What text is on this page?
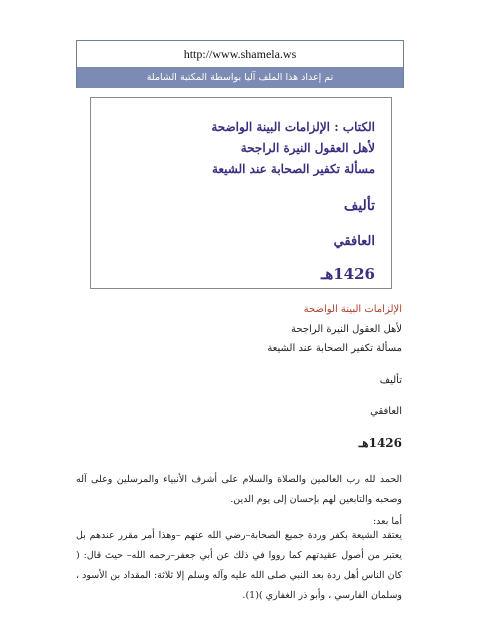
http://www.shamela.ws
تم إعداد هذا الملف آليا بواسطة المكتبة الشاملة

الكتاب : الإلزامات البينة الواضحة

لأهل العقول النيرة الراجحة

مسألة تكفير الصحابة عند الشيعة

تأليف

العافقي

1426هـ

الإلزامات البينة الواضحة

لأهل العقول النيرة الراجحة

مسألة تكفير الصحابة عند الشيعة

تأليف

العافقي

1426هـ

الحمد لله رب العالمين والصلاة والسلام على أشرف الأنبياء والمرسلين وعلى آله وصحبه والتابعين لهم بإحسان إلى يوم الدين.

أما بعد:

يعتقد الشيعة بكفر وردة جميع الصحابة–رضي الله عنهم –وهذا أمر مقرر عندهم بل يعتبر من أصول عقيدتهم كما رووا في ذلك عن أبي جعفر–رحمه الله– حيث قال: ( كان الناس أهل ردة بعد النبي صلى الله عليه وآله وسلم إلا ثلاثة: المقداد بن الأسود ، وسلمان الفارسي ، وأبو ذر الغفاري )(1).
